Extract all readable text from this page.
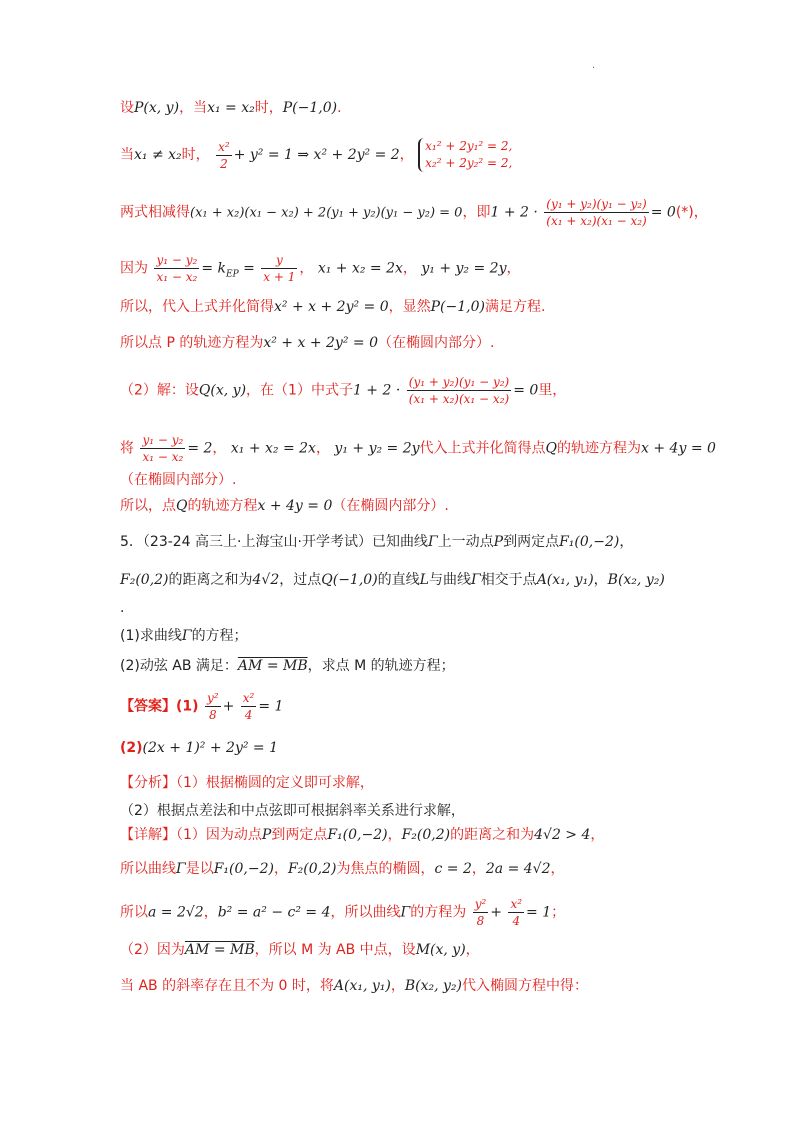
.
设P(x, y)，当x₁ = x₂时，P(−1,0).
当x₁ ≠ x₂时， $\frac{\text{x²}}{2} + y^2 = 1$ ⇒ x² + 2y² = 2，
x₁² + 2y₁² = 2,
x₂² + 2y₂² = 2,
两式相减得(x₁ + x₂)(x₁ − x₂) + 2(y₁ + y₂)(y₁ − y₂) = 0，即$1 + 2 \cdot \frac{\text{(y₁ + y₂)(y₁ − y₂)}}{\text{(x₁ + x₂)(x₁ − x₂)}} = 0(*)$，
因为 $\frac{\text{y₁ − y₂}}{\text{x₁ − x₂}} = k_{EP} = \frac{y}{x + 1}$ ， x₁ + x₂ = 2x， y₁ + y₂ = 2y，
所以，代入上式并化简得x² + x + 2y² = 0，显然P(−1,0)满足方程.
所以点 P 的轨迹方程为x² + x + 2y² = 0（在椭圆内部分）.
（2）解：设Q(x, y)，在（1）中式子$1 + 2 \cdot \frac{\text{(y₁ + y₂)(y₁ − y₂)}}{\text{(x₁ + x₂)(x₁ − x₂)}} = 0$里，
将 $\frac{\text{y₁ − y₂}}{\text{x₁ − x₂}} = 2$， x₁ + x₂ = 2x， y₁ + y₂ = 2y代入上式并化简得点Q的轨迹方程为x + 4y = 0
（在椭圆内部分）.
所以，点Q的轨迹方程x + 4y = 0（在椭圆内部分）.
5．（23-24 高三上·上海宝山·开学考试）已知曲线Γ上一动点P到两定点F₁(0,−2)，
F₂(0,2)的距离之和为4√2，过点Q(−1,0)的直线L与曲线Γ相交于点A(x₁, y₁)，B(x₂, y₂)
.
(1)求曲线Γ的方程；
(2)动弦 AB 满足：AM = MB，求点 M 的轨迹方程；
【答案】$(1) \frac{\text{y²}}{8} + \frac{\text{x²}}{4} = 1$
(2)(2x + 1)² + 2y² = 1
【分析】（1）根据椭圆的定义即可求解，
（2）根据点差法和中点弦即可根据斜率关系进行求解，
【详解】（1）因为动点P到两定点F₁(0,−2)，F₂(0,2)的距离之和为4√2 > 4，
所以曲线Γ是以F₁(0,−2)，F₂(0,2)为焦点的椭圆，c = 2，2a = 4√2，
所以a = 2√2，b² = a² − c² = 4，所以曲线Γ的方程为 $\frac{\text{y²}}{8} + \frac{\text{x²}}{4} = 1$；
（2）因为AM = MB，所以 M 为 AB 中点，设M(x, y)，
当 AB 的斜率存在且不为 0 时，将A(x₁, y₁)，B(x₂, y₂)代入椭圆方程中得：
